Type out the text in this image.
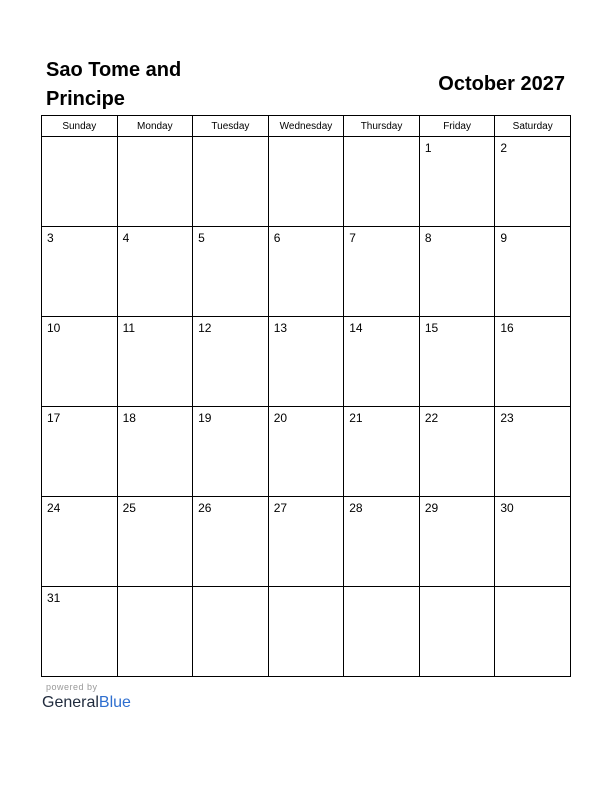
Sao Tome and Principe
October 2027
Sunday	Monday	Tuesday	Wednesday	Thursday	Friday	Saturday

					1	2

3	4	5	6	7	8	9

10	11	12	13	14	15	16

17	18	19	20	21	22	23

24	25	26	27	28	29	30

31						

powered by
GeneralBlue
